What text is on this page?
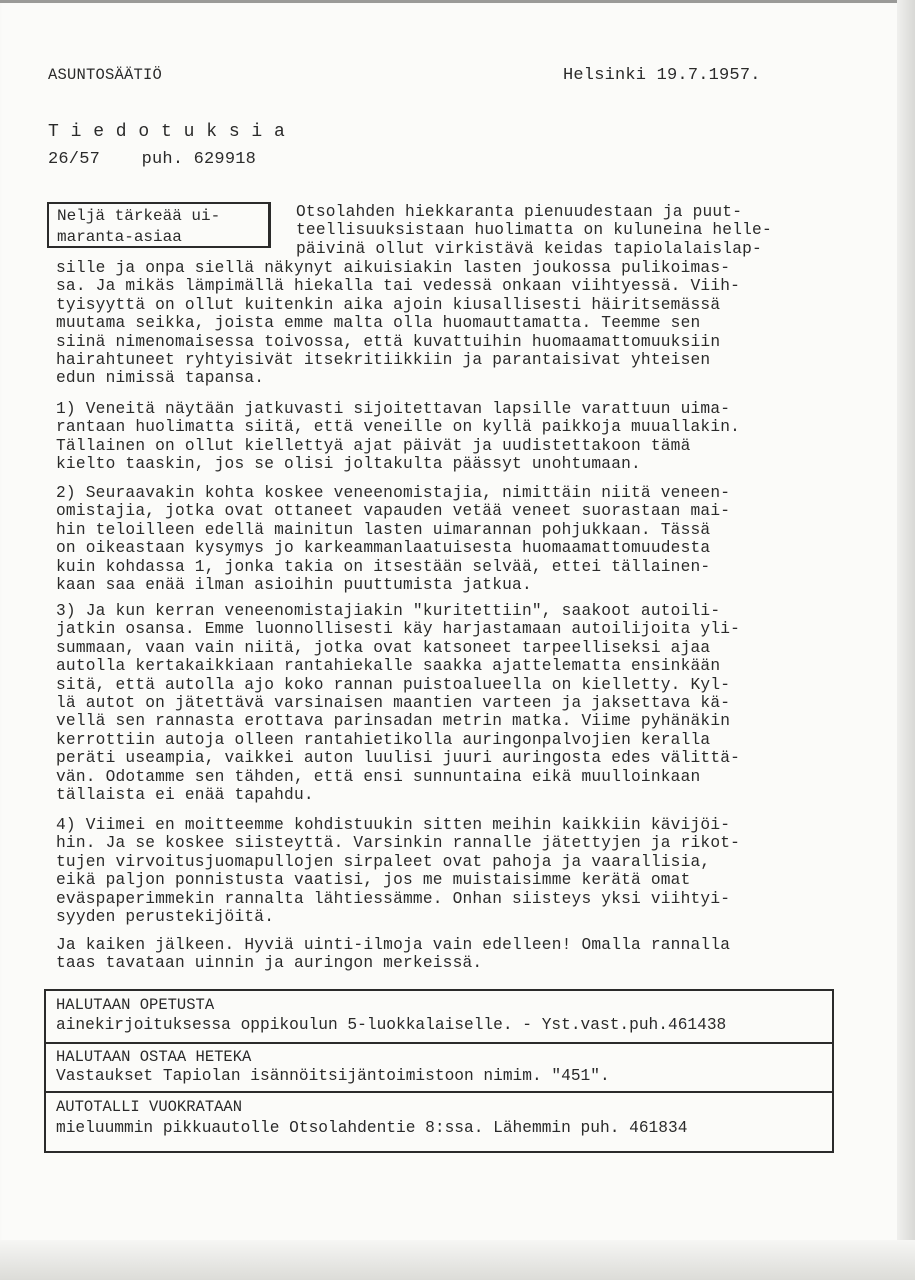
ASUNTOSÄÄTIÖ	Helsinki 19.7.1957.
T i e d o t u k s i a
26/57    puh. 629918
Neljä tärkeää ui-
maranta-asiaa
Otsolahden hiekkaranta pienuudestaan ja puut-
teellisuuksistaan huolimatta on kuluneina helle-
päivinä ollut virkistävä keidas tapiolalaislap-
sille ja onpa siellä näkynyt aikuisiakin lasten joukossa pulikoimas-
sa. Ja mikäs lämpimällä hiekalla tai vedessä onkaan viihtyessä. Viih-
tyisyyttä on ollut kuitenkin aika ajoin kiusallisesti häiritsemässä
muutama seikka, joista emme malta olla huomauttamatta. Teemme sen
siinä nimenomaisessa toivossa, että kuvattuihin huomaamattomuuksiin
hairahtuneet ryhtyisivät itsekritiikkiin ja parantaisivat yhteisen
edun nimissä tapansa.
1) Veneitä näytään jatkuvasti sijoitettavan lapsille varattuun uima-
rantaan huolimatta siitä, että veneille on kyllä paikkoja muuallakin.
Tällainen on ollut kiellettyä ajat päivät ja uudistettakoon tämä
kielto taaskin, jos se olisi joltakulta päässyt unohtumaan.
2) Seuraavakin kohta koskee veneenomistajia, nimittäin niitä veneen-
omistajia, jotka ovat ottaneet vapauden vetää veneet suorastaan mai-
hin teloilleen edellä mainitun lasten uimarannan pohjukkaan. Tässä
on oikeastaan kysymys jo karkeammanlaatuisesta huomaamattomuudesta
kuin kohdassa 1, jonka takia on itsestään selvää, ettei tällainen-
kaan saa enää ilman asioihin puuttumista jatkua.
3) Ja kun kerran veneenomistajiakin "kuritettiin", saakoot autoili-
jatkin osansa. Emme luonnollisesti käy harjastamaan autoilijoita yli-
summaan, vaan vain niitä, jotka ovat katsoneet tarpeelliseksi ajaa
autolla kertakaikkiaan rantahiekalle saakka ajattelematta ensinkään
sitä, että autolla ajo koko rannan puistoalueella on kielletty. Kyl-
lä autot on jätettävä varsinaisen maantien varteen ja jaksettava kä-
vellä sen rannasta erottava parinsadan metrin matka. Viime pyhänäkin
kerrottiin autoja olleen rantahietikolla auringonpalvojien keralla
peräti useampia, vaikkei auton luulisi juuri auringosta edes välittä-
vän. Odotamme sen tähden, että ensi sunnuntaina eikä muulloinkaan
tällaista ei enää tapahdu.
4) Viimei en moitteemme kohdistuukin sitten meihin kaikkiin kävijöi-
hin. Ja se koskee siisteyttä. Varsinkin rannalle jätettyjen ja rikot-
tujen virvoitusjuomapullojen sirpaleet ovat pahoja ja vaarallisia,
eikä paljon ponnistusta vaatisi, jos me muistaisimme kerätä omat
eväspaperimmekin rannalta lähtiessämme. Onhan siisteys yksi viihtyi-
syyden perustekijöitä.
Ja kaiken jälkeen. Hyviä uinti-ilmoja vain edelleen! Omalla rannalla
taas tavataan uinnin ja auringon merkeissä.
HALUTAAN OPETUSTA
ainekirjoituksessa oppikoulun 5-luokkalaiselle. - Yst.vast.puh.461438
HALUTAAN OSTAA HETEKA
Vastaukset Tapiolan isännöitsijäntoimistoon nimim. "451".
AUTOTALLI VUOKRATAAN
mieluummin pikkuautolle Otsolahdentie 8:ssa. Lähemmin puh. 461834
